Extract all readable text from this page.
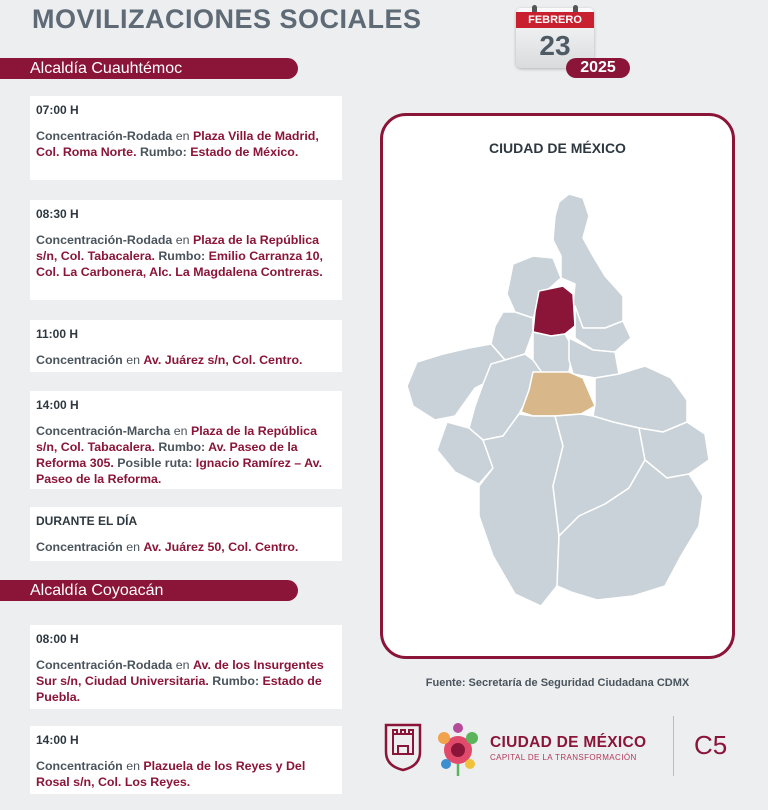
MOVILIZACIONES SOCIALES	FEBRERO
23
2025
Alcaldía Cuauhtémoc
07:00 H
Concentración-Rodada en Plaza Villa de Madrid, Col. Roma Norte. Rumbo: Estado de México.
08:30 H
Concentración-Rodada en Plaza de la República s/n, Col. Tabacalera. Rumbo: Emilio Carranza 10, Col. La Carbonera, Alc. La Magdalena Contreras.
11:00 H
Concentración en Av. Juárez s/n, Col. Centro.
14:00 H
Concentración-Marcha en Plaza de la República s/n, Col. Tabacalera. Rumbo: Av. Paseo de la Reforma 305. Posible ruta: Ignacio Ramírez – Av. Paseo de la Reforma.
DURANTE EL DÍA
Concentración en Av. Juárez 50, Col. Centro.
Alcaldía Coyoacán
08:00 H
Concentración-Rodada en Av. de los Insurgentes Sur s/n, Ciudad Universitaria. Rumbo: Estado de Puebla.
14:00 H
Concentración en Plazuela de los Reyes y Del Rosal s/n, Col. Los Reyes.
CIUDAD DE MÉXICO
Fuente: Secretaría de Seguridad Ciudadana CDMX
CIUDAD DE MÉXICO
CAPITAL DE LA TRANSFORMACIÓN C5
